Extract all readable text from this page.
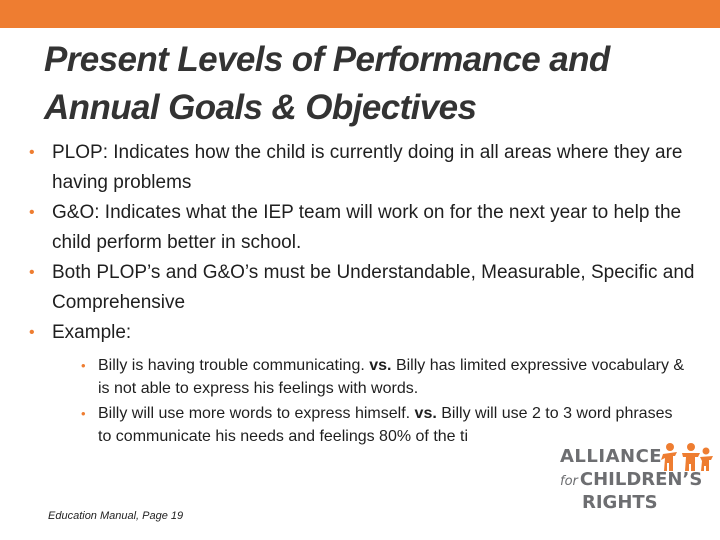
Present Levels of Performance and
Annual Goals & Objectives
• PLOP: Indicates how the child is currently doing in all areas where they are having problems
• G&O: Indicates what the IEP team will work on for the next year to help the child perform better in school.
• Both PLOP’s and G&O’s must be Understandable, Measurable, Specific and Comprehensive
• Example:
• Billy is having trouble communicating. vs. Billy has limited expressive vocabulary & is not able to express his feelings with words.
• Billy will use more words to express himself. vs. Billy will use 2 to 3 word phrases to communicate his needs and feelings 80% of the ti
Education Manual, Page 19
ALLIANCE
for CHILDREN’S
RIGHTS
